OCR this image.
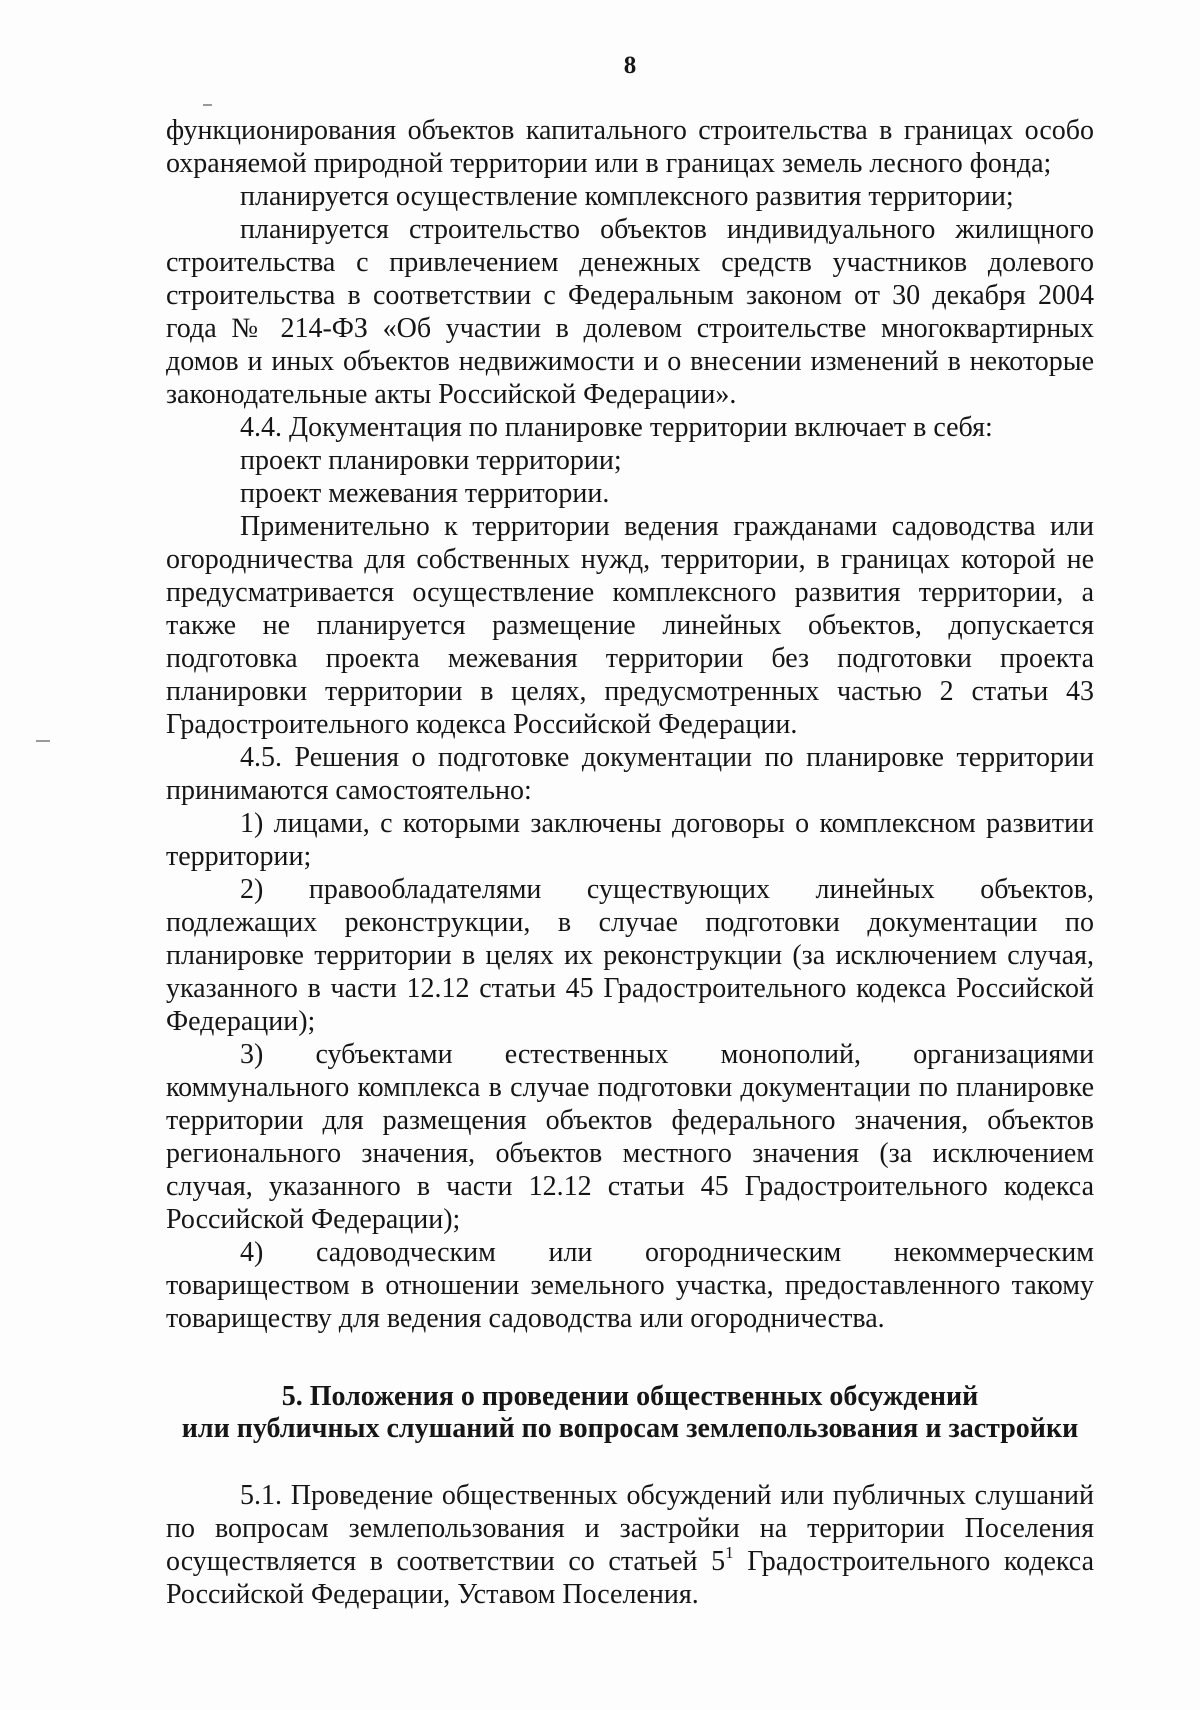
8

функционирования объектов капитального строительства в границах особо охраняемой природной территории или в границах земель лесного фонда;

планируется осуществление комплексного развития территории;

планируется строительство объектов индивидуального жилищного строительства с привлечением денежных средств участников долевого строительства в соответствии с Федеральным законом от 30 декабря 2004 года № 214-ФЗ «Об участии в долевом строительстве многоквартирных домов и иных объектов недвижимости и о внесении изменений в некоторые законодательные акты Российской Федерации».

4.4. Документация по планировке территории включает в себя:

проект планировки территории;

проект межевания территории.

Применительно к территории ведения гражданами садоводства или огородничества для собственных нужд, территории, в границах которой не предусматривается осуществление комплексного развития территории, а также не планируется размещение линейных объектов, допускается подготовка проекта межевания территории без подготовки проекта планировки территории в целях, предусмотренных частью 2 статьи 43 Градостроительного кодекса Российской Федерации.

4.5. Решения о подготовке документации по планировке территории принимаются самостоятельно:

1) лицами, с которыми заключены договоры о комплексном развитии территории;

2) правообладателями существующих линейных объектов, подлежащих реконструкции, в случае подготовки документации по планировке территории в целях их реконструкции (за исключением случая, указанного в части 12.12 статьи 45 Градостроительного кодекса Российской Федерации);

3) субъектами естественных монополий, организациями коммунального комплекса в случае подготовки документации по планировке территории для размещения объектов федерального значения, объектов регионального значения, объектов местного значения (за исключением случая, указанного в части 12.12 статьи 45 Градостроительного кодекса Российской Федерации);

4) садоводческим или огородническим некоммерческим товариществом в отношении земельного участка, предоставленного такому товариществу для ведения садоводства или огородничества.

5. Положения о проведении общественных обсуждений
или публичных слушаний по вопросам землепользования и застройки

5.1. Проведение общественных обсуждений или публичных слушаний по вопросам землепользования и застройки на территории Поселения осуществляется в соответствии со статьей $5^1$ Градостроительного кодекса Российской Федерации, Уставом Поселения.
